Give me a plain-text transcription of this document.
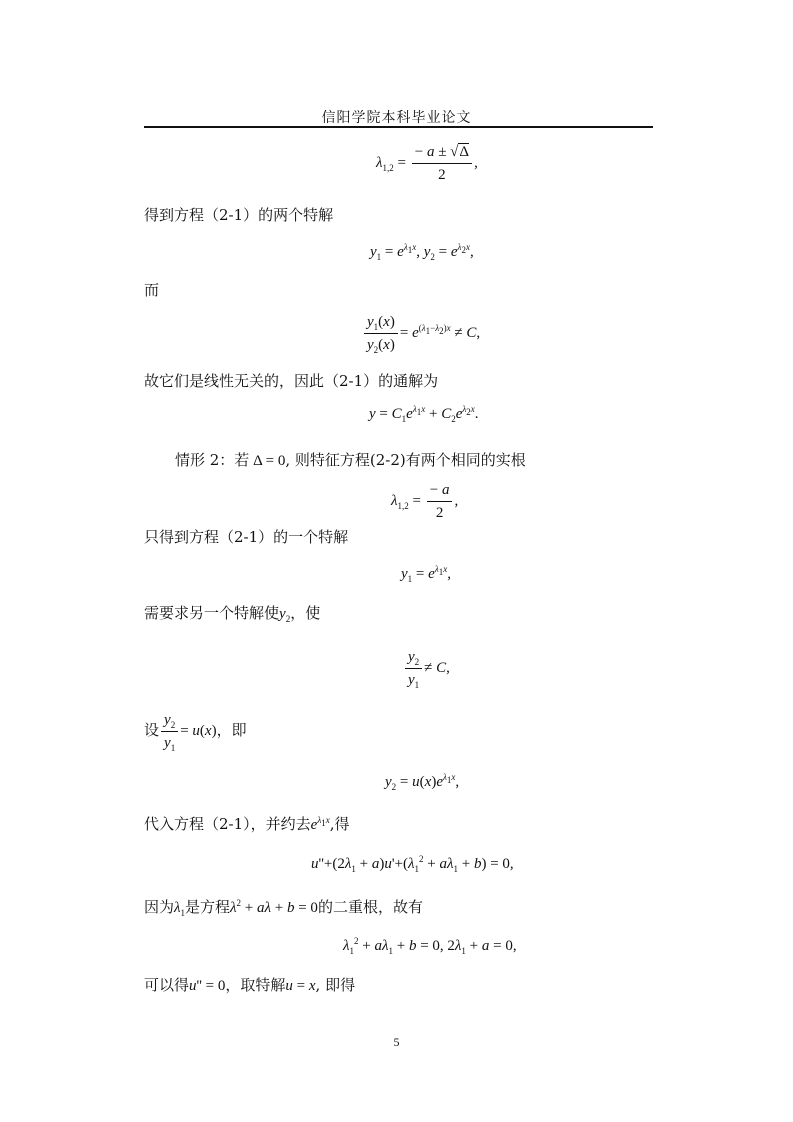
信阳学院本科毕业论文
$\lambda_{1,2} = \frac{- a \pm √\Delta}{2}$ ,
得到方程（2-1）的两个特解
$y_1 = e^{\lambda_1x}$, $y_2 = e^{\lambda_2x}$,
而
$\frac{y_1(x)}{y_2(x)} = e^{(\lambda_1-\lambda_2)x} \ne C$,
故它们是线性无关的，因此（2-1）的通解为
$y = C_1e^{\lambda_1x} + C_2e^{\lambda_2x}$.
情形 2：若 Δ = 0, 则特征方程(2-2)有两个相同的实根
$\lambda_{1,2} = \frac{- a}{2}$ ,
只得到方程（2-1）的一个特解
$y_1 = e^{\lambda_1x}$,
需要求另一个特解使$y_2$，使
$\frac{y_2}{y_1} \ne C$,
设 $\frac{y_2}{y_1} = u(x)$，即
$y_2 = u(x)e^{\lambda_1x}$,
代入方程（2-1），并约去$e^{\lambda_1x}$,得
$u''+(2\lambda_1 + a)u'+(\lambda_1^2 + a\lambda_1 + b) = 0$,
因为$\lambda_1$是方程$\lambda^2 + a\lambda + b = 0$的二重根，故有
$\lambda_1^2 + a\lambda_1 + b = 0$, $2\lambda_1 + a = 0$,
可以得u'' = 0，取特解u = x, 即得
5
